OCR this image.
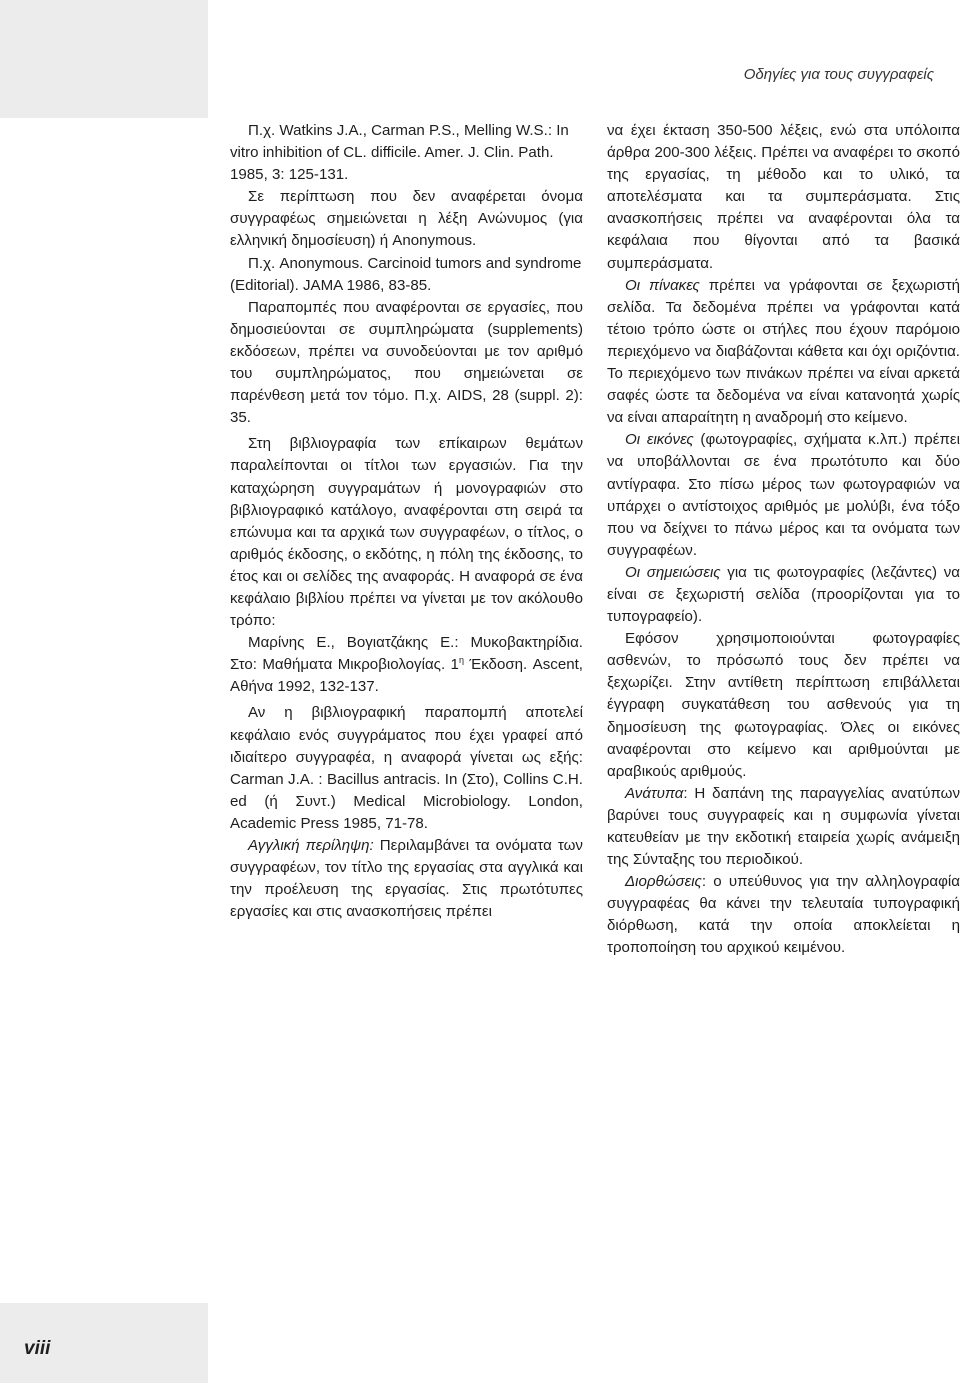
viii
Οδηγίες για τους συγγραφείς

Π.χ. Watkins J.A., Carman P.S., Melling W.S.: In vitro inhibition of CL. difficile. Amer. J. Clin. Path. 1985, 3: 125-131.

Σε περίπτωση που δεν αναφέρεται όνομα συγγραφέως σημειώνεται η λέξη Ανώνυμος (για ελληνική δημοσίευση) ή Anonymous.

Π.χ. Anonymous. Carcinoid tumors and syndrome (Editorial). JAMA 1986, 83-85.

Παραπομπές που αναφέρονται σε εργασίες, που δημοσιεύονται σε συμπληρώματα (supplements) εκδόσεων, πρέπει να συνοδεύονται με τον αριθμό του συμπληρώματος, που σημειώνεται σε παρένθεση μετά τον τόμο. Π.χ. AIDS, 28 (suppl. 2): 35.

Στη βιβλιογραφία των επίκαιρων θεμάτων παραλείπονται οι τίτλοι των εργασιών. Για την καταχώρηση συγγραμάτων ή μονογραφιών στο βιβλιογραφικό κατάλογο, αναφέρονται στη σειρά τα επώνυμα και τα αρχικά των συγγραφέων, ο τίτλος, ο αριθμός έκδοσης, ο εκδότης, η πόλη της έκδοσης, το έτος και οι σελίδες της αναφοράς. Η αναφορά σε ένα κεφάλαιο βιβλίου πρέπει να γίνεται με τον ακόλουθο τρόπο:

Μαρίνης Ε., Βογιατζάκης Ε.: Μυκοβακτηρίδια. Στο: Μαθήματα Μικροβιολογίας. $1^\eta$ Έκδοση. Ascent, Αθήνα 1992, 132-137.

Αν η βιβλιογραφική παραπομπή αποτελεί κεφάλαιο ενός συγγράματος που έχει γραφεί από ιδιαίτερο συγγραφέα, η αναφορά γίνεται ως εξής: Carman J.A. : Bacillus antracis. In (Στο), Collins C.H. ed (ή Συντ.) Medical Microbiology. London, Academic Press 1985, 71-78.

Αγγλική περίληψη: Περιλαμβάνει τα ονόματα των συγγραφέων, τον τίτλο της εργασίας στα αγγλικά και την προέλευση της εργασίας. Στις πρωτότυπες εργασίες και στις ανασκοπήσεις πρέπει

να έχει έκταση 350-500 λέξεις, ενώ στα υπόλοιπα άρθρα 200-300 λέξεις. Πρέπει να αναφέρει το σκοπό της εργασίας, τη μέθοδο και το υλικό, τα αποτελέσματα και τα συμπεράσματα. Στις ανασκοπήσεις πρέπει να αναφέρονται όλα τα κεφάλαια που θίγονται από τα βασικά συμπεράσματα.

Οι πίνακες πρέπει να γράφονται σε ξεχωριστή σελίδα. Τα δεδομένα πρέπει να γράφονται κατά τέτοιο τρόπο ώστε οι στήλες που έχουν παρόμοιο περιεχόμενο να διαβάζονται κάθετα και όχι οριζόντια. Το περιεχόμενο των πινάκων πρέπει να είναι αρκετά σαφές ώστε τα δεδομένα να είναι κατανοητά χωρίς να είναι απαραίτητη η αναδρομή στο κείμενο.

Οι εικόνες (φωτογραφίες, σχήματα κ.λπ.) πρέπει να υποβάλλονται σε ένα πρωτότυπο και δύο αντίγραφα. Στο πίσω μέρος των φωτογραφιών να υπάρχει ο αντίστοιχος αριθμός με μολύβι, ένα τόξο που να δείχνει το πάνω μέρος και τα ονόματα των συγγραφέων.

Οι σημειώσεις για τις φωτογραφίες (λεζάντες) να είναι σε ξεχωριστή σελίδα (προορίζονται για το τυπογραφείο).

Εφόσον χρησιμοποιούνται φωτογραφίες ασθενών, το πρόσωπό τους δεν πρέπει να ξεχωρίζει. Στην αντίθετη περίπτωση επιβάλλεται έγγραφη συγκατάθεση του ασθενούς για τη δημοσίευση της φωτογραφίας. Όλες οι εικόνες αναφέρονται στο κείμενο και αριθμούνται με αραβικούς αριθμούς.

Ανάτυπα: Η δαπάνη της παραγγελίας ανατύπων βαρύνει τους συγγραφείς και η συμφωνία γίνεται κατευθείαν με την εκδοτική εταιρεία χωρίς ανάμειξη της Σύνταξης του περιοδικού.

Διορθώσεις: ο υπεύθυνος για την αλληλογραφία συγγραφέας θα κάνει την τελευταία τυπογραφική διόρθωση, κατά την οποία αποκλείεται η τροποποίηση του αρχικού κειμένου.
